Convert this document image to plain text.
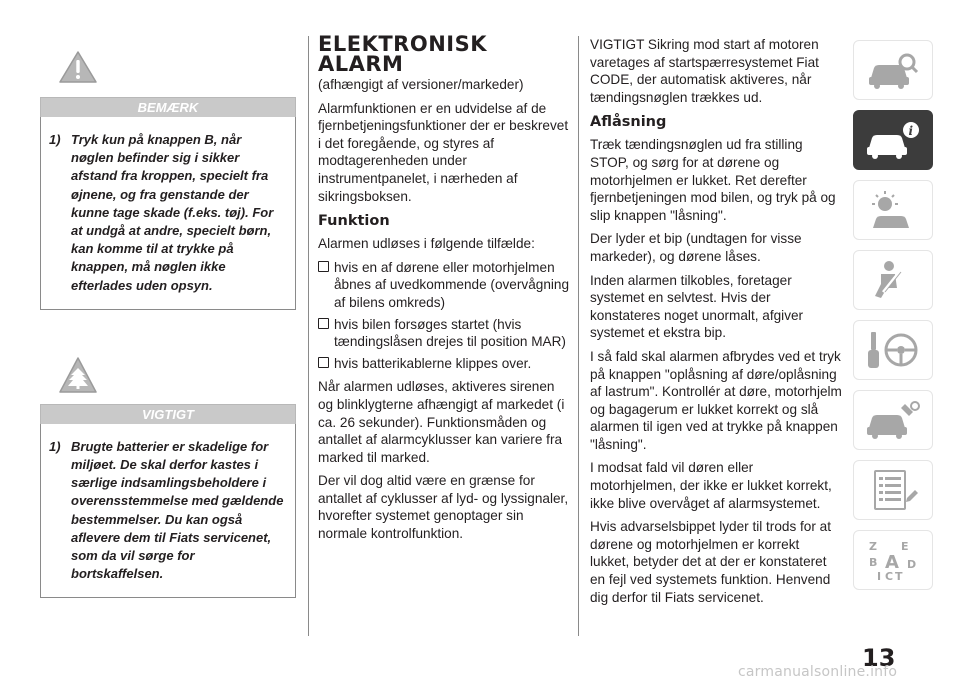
BEMÆRK
1) Tryk kun på knappen B, når nøglen befinder sig i sikker afstand fra kroppen, specielt fra øjnene, og fra genstande der kunne tage skade (f.eks. tøj). For at undgå at andre, specielt børn, kan komme til at trykke på knappen, må nøglen ikke efterlades uden opsyn.
VIGTIGT
1) Brugte batterier er skadelige for miljøet. De skal derfor kastes i særlige indsamlingsbeholdere i overensstemmelse med gældende bestemmelser. Du kan også aflevere dem til Fiats servicenet, som da vil sørge for bortskaffelsen.
ELEKTRONISK
ALARM

(afhængigt af versioner/markeder)

Alarmfunktionen er en udvidelse af de fjernbetjeningsfunktioner der er beskrevet i det foregående, og styres af modtagerenheden under instrumentpanelet, i nærheden af sikringsboksen.

Funktion

Alarmen udløses i følgende tilfælde:

hvis en af dørene eller motorhjelmen åbnes af uvedkommende (overvågning af bilens omkreds)
hvis bilen forsøges startet (hvis tændingslåsen drejes til position MAR)
hvis batterikablerne klippes over.

Når alarmen udløses, aktiveres sirenen og blinklygterne afhængigt af markedet (i ca. 26 sekunder). Funktionsmåden og antallet af alarmcyklusser kan variere fra marked til marked.

Der vil dog altid være en grænse for antallet af cyklusser af lyd- og lyssignaler, hvorefter systemet genoptager sin normale kontrolfunktion.

VIGTIGT Sikring mod start af motoren varetages af startspærresystemet Fiat CODE, der automatisk aktiveres, når tændingsnøglen trækkes ud.

Aflåsning

Træk tændingsnøglen ud fra stilling STOP, og sørg for at dørene og motorhjelmen er lukket. Ret derefter fjernbetjeningen mod bilen, og tryk på og slip knappen "låsning".

Der lyder et bip (undtagen for visse markeder), og dørene låses.

Inden alarmen tilkobles, foretager systemet en selvtest. Hvis der konstateres noget unormalt, afgiver systemet et ekstra bip.

I så fald skal alarmen afbrydes ved et tryk på knappen "oplåsning af døre/oplåsning af lastrum". Kontrollér at døre, motorhjelm og bagagerum er lukket korrekt og slå alarmen til igen ved at trykke på knappen "låsning".

I modsat fald vil døren eller motorhjelmen, der ikke er lukket korrekt, ikke blive overvåget af alarmsystemet.

Hvis advarselsbippet lyder til trods for at dørene og motorhjelmen er korrekt lukket, betyder det at der er konstateret en fejl ved systemets funktion. Henvend dig derfor til Fiats servicenet.

i
Z E
B A D
I C T
13
carmanualsonline.info
